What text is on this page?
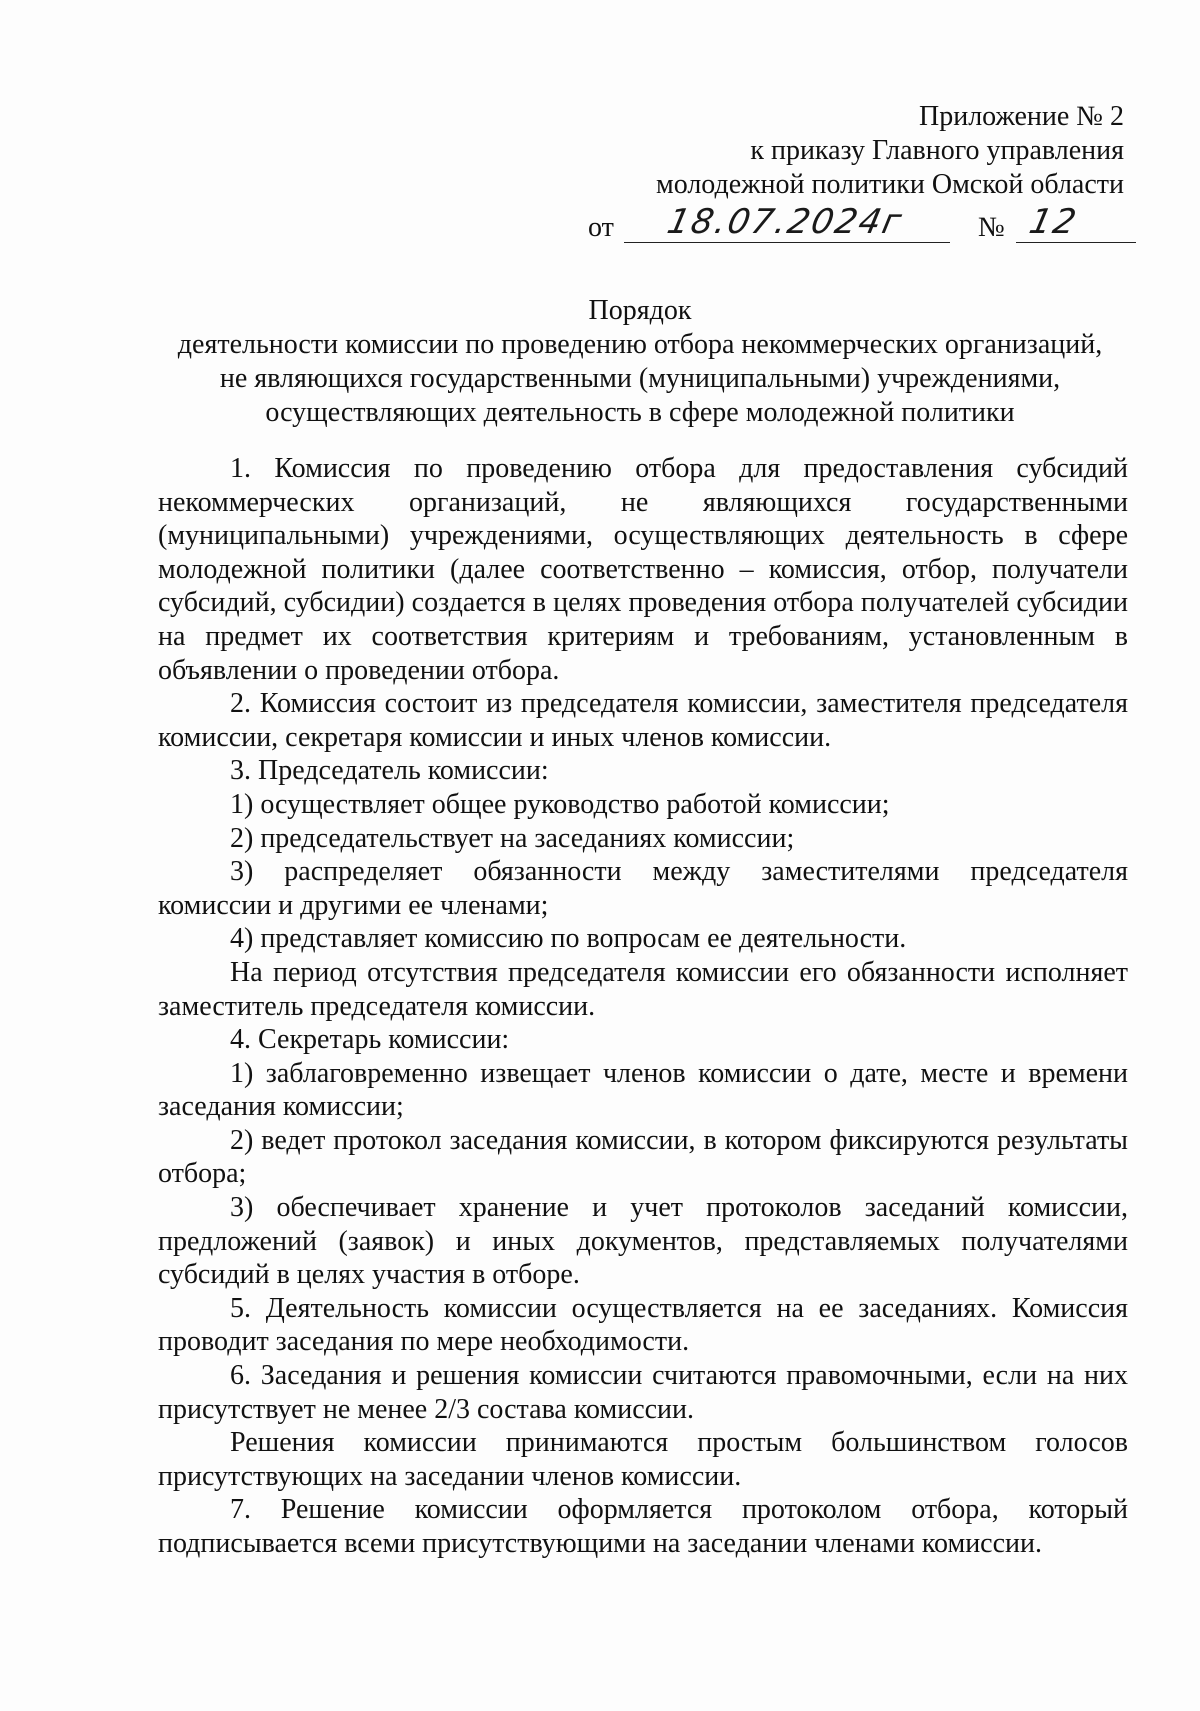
Приложение № 2
к приказу Главного управления
молодежной политики Омской области
от 18.07.2024г	№ 12
Порядок
деятельности комиссии по проведению отбора некоммерческих организаций,
не являющихся государственными (муниципальными) учреждениями,
осуществляющих деятельность в сфере молодежной политики

1. Комиссия по проведению отбора для предоставления субсидий некоммерческих организаций, не являющихся государственными (муниципальными) учреждениями, осуществляющих деятельность в сфере молодежной политики (далее соответственно – комиссия, отбор, получатели субсидий, субсидии) создается в целях проведения отбора получателей субсидии на предмет их соответствия критериям и требованиям, установленным в объявлении о проведении отбора.

2. Комиссия состоит из председателя комиссии, заместителя председателя комиссии, секретаря комиссии и иных членов комиссии.

3. Председатель комиссии:

1) осуществляет общее руководство работой комиссии;

2) председательствует на заседаниях комиссии;

3) распределяет обязанности между заместителями председателя комиссии и другими ее членами;

4) представляет комиссию по вопросам ее деятельности.

На период отсутствия председателя комиссии его обязанности исполняет заместитель председателя комиссии.

4. Секретарь комиссии:

1) заблаговременно извещает членов комиссии о дате, месте и времени заседания комиссии;

2) ведет протокол заседания комиссии, в котором фиксируются результаты отбора;

3) обеспечивает хранение и учет протоколов заседаний комиссии, предложений (заявок) и иных документов, представляемых получателями субсидий в целях участия в отборе.

5. Деятельность комиссии осуществляется на ее заседаниях. Комиссия проводит заседания по мере необходимости.

6. Заседания и решения комиссии считаются правомочными, если на них присутствует не менее 2/3 состава комиссии.

Решения комиссии принимаются простым большинством голосов присутствующих на заседании членов комиссии.

7. Решение комиссии оформляется протоколом отбора, который подписывается всеми присутствующими на заседании членами комиссии.
